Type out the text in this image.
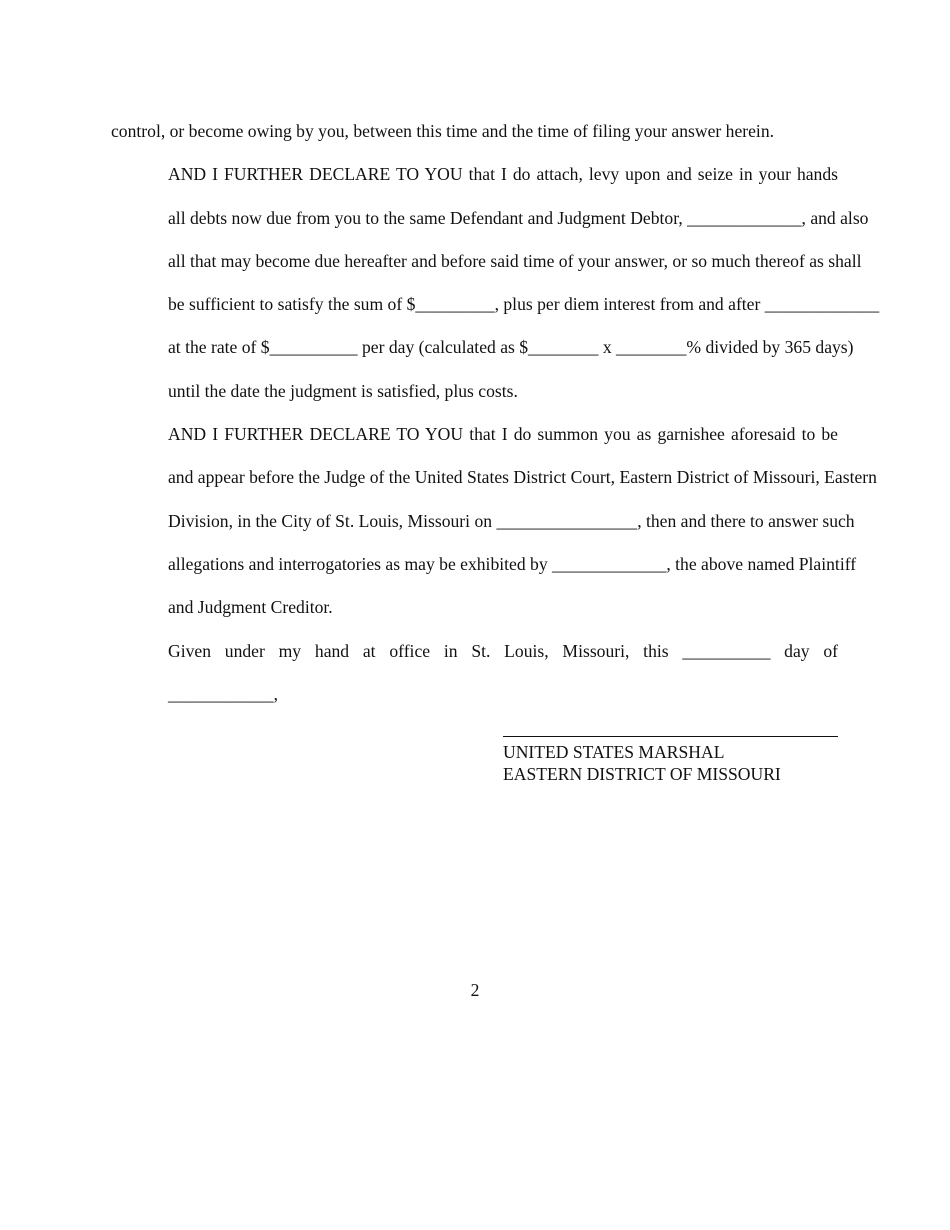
control, or become owing by you, between this time and the time of filing your answer herein.

AND I FURTHER DECLARE TO YOU that I do attach, levy upon and seize in your hands
all debts now due from you to the same Defendant and Judgment Debtor, _____________, and also
all that may become due hereafter and before said time of your answer, or so much thereof as shall
be sufficient to satisfy the sum of $_________, plus per diem interest from and after _____________
at the rate of $__________ per day (calculated as $________ x ________% divided by 365 days)
until the date the judgment is satisfied, plus costs.

AND I FURTHER DECLARE TO YOU that I do summon you as garnishee aforesaid to be
and appear before the Judge of the United States District Court, Eastern District of Missouri, Eastern
Division, in the City of St. Louis, Missouri on ________________, then and there to answer such
allegations and interrogatories as may be exhibited by _____________, the above named Plaintiff
and Judgment Creditor.

Given under my hand at office in St. Louis, Missouri, this __________ day of
____________,

UNITED STATES MARSHAL
EASTERN DISTRICT OF MISSOURI
2
